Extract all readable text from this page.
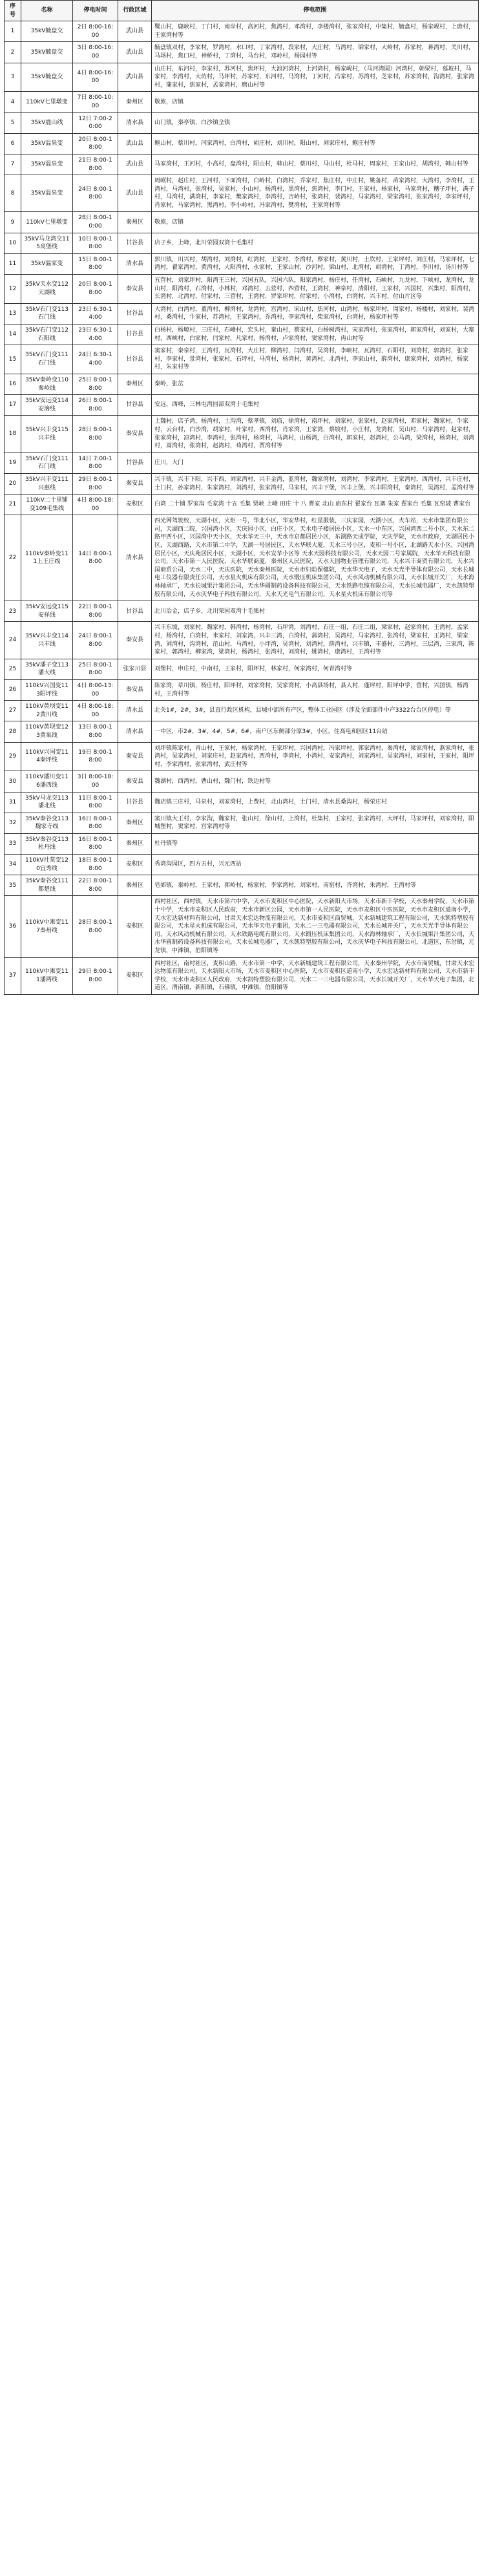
序号	名称	停电时间	行政区域	停电范围
1	35kV毓盘交	2日 8:00-16:00	武山县	鹭山村，鹿峡村，丁门村，南岸村，高河村，焦湾村，邓湾村，李楼湾村，张家湾村，中集村，毓盘村，杨家岘村，上唐村，王家湾村等
2	35kV毓盘交	3日 8:00-16:00	武山县	毓盘镇双村，李家村，罗湾村，水口村，丁家湾村，段家村，大庄村，马湾村，梁家村，大岭村，苏家村，蒋湾村，关川村，马场村，焦口村，神桥村，丁湾村，马台村，邓岭村，杨园村等
3	35kV毓盘交	4日 8:00-16:00	武山县	山庄村，东河村，李家村，苏河村，焦坪村，大浪河湾村，上河湾村，杨家岘村，（马河湾圆）河湾村，韩梁村，墓坡村，马家村，李湾村，大坊村，马坪村，苏家村，东河村，马湾村，丁河村，冯家村，苏湾村，芝家村，苏家湾村，沟湾村，张家湾村，蒲家村，焦家村，孟家湾村，磨山村等
4	110kV七里墩变	7日 8:00-10:00	秦州区	敬旅，店镇
5	35kV鹿山线	12日 7:00-20:00	清水县	山门镇，秦亭镇，白沙镇全镇
6	35kV温泉变	20日 8:00-18:00	武山县	鲍山村，蔡川村，闫家湾村，白湾村，胡庄村，刘川村，阳山村，刘家庄村，鲍庄村等
7	35kV温泉变	21日 8:00-18:00	武山县	马家湾村，王河村，小高村，盘湾村，阳山村，韩山村，蔡川村，马山村，杜马村，周家村，王家山村，胡湾村，韩山村等
8	35kV温泉变	24日 8:00-18:00	武山县	周岷村，赵庄村，王河村，下面湾村，白岭村，白湾村，乔家村，焦庄村，中庄村，姚备村，苗家湾村，大湾村，李湾村，王湾村，马湾村，张湾村，吴家村，小山村，杨湾村，黑湾村，焦湾村，李门村，王家村，杨家村，马家湾村，糟子坪村，满子村，马湾村，满湾村，李家村，樊家湾村，李湾村，吉岭村，张湾村，裴湾村，马家湾村，梁家湾村，张家湾村，李家坪村，肖家村，马家湾村，黑湾村，李小岭村，冯家湾村，樊湾村，王家湾村等
9	110kV七里墩变	28日 8:00-10:00	秦州区	敬旅，店镇
10	35kV马龙湾交115高堡线	10日 8:00-18:00	甘谷县	店子乡，上峰，北川荣园双湾十毛集村
11	35kV温家变	15日 8:00-18:00	清水县	郭川镇，川兴村，胡湾村，刘湾村，红湾村，王家村，李湾村，蔡家村，黄川村，土坎村，王家坪村，刘庄村，马家坪村，七湾村，翟家湾村，黄湾村，大阳湾村，永家村，王家山村，沙河村，梁山村，北湾村，胡湾村，丁湾村，李川村，汤川村等
12	35kV天水变112天湖线	20日 8:00-18:00	秦安县	五营村，刘家坪村，阳湾王三村，兴国五队，兴国六队，阳家湾村，杨庄村，任湾村，石峡村，九龙村，下峡村，龙湾村，龙山村，阳湾村，石湾村，小林村，邓湾村，五营村，四营村，王湾村，神泉村，清阳村，王家村，兴国村，兴集村，阳湾村，长湾村，北湾村，付家村，三营村，王湾村，罗家坪村，付家村，小湾村，白湾村，兴丰村，付山片区等
13	35kV石门变113石门线	23日 6:30-14:00	甘谷县	大湾村，白湾村，董湾村，柳湾村，龙湾村，宫湾村，宋山村，焦河村，山湾村，杨家坪村，周家村，杨楼村，刘家村，裴湾村，桑湾村，牛家村，苏湾村，王家湾村，乔湾村，李家湾村，柴家湾村，白湾村，杨家坪村等
14	35kV石门变112石阳线	23日 6:30-14:00	甘谷县	白杨村，杨塬村，三庄村，石峰村，宏头村，秦山村，蔡家村，白杨树湾村，宋家湾村，张家湾村，郭家湾村，刘家村，大寨村，西峡村，白家村，闫家村，凡家村，杨湾村，卢家湾村，窦家湾村，冉山村等
15	35kV石门变111石门线	24日 6:30-14:00	甘谷县	窦家村，秦泉村，王湾村，瓦湾村，大庄村，柳湾村，闫湾村，吴湾村，李峡村，瓦湾村，石阳村，刘湾村，郭湾村，张家村，李家村，景湾村，张家村，石坪村，马湾村，杨湾村，黄湾村，北湾村，李家山村，薛湾村，康家湾村，刘湾村，杨家村，朱家村等
16	35kV秦岭变110秦岭线	25日 8:00-18:00	秦州区	秦岭，张岔
17	35kV安远变114安滴线	26日 8:00-18:00	甘谷县	安远，西峰，三林屯湾园部双湾十毛集村
18	35kV兴丰变115兴丰线	28日 8:00-18:00	秦安县	上魏村，店子湾，杨湾村，土沟湾，蔡孝镇，刘庙，徐湾村，南坪村，刘家村，张家村，赵家湾村，邓家村，魏家村，牛家村，云台村，白沙湾，胡家村，叶家村，西湾村，肖家湾，王家湾，蔡坡村，小庄村，龙湾村，吴山村，马家湾村，赵家村，张家湾村，凉湾村，李湾村，张湾村，杨湾村，马湾村，山杨湾，白湾村，郭家村，赵湾村，公马湾，梁湾村，杨湾村，刘湾村，嵩湾村，张湾村，赵湾村，苟湾村，贾湾村等
19	35kV石门变111石门线	14日 7:00-18:00	甘谷县	庄川，大门
20	35kV兴丰变111兴惠线	29日 8:00-18:00	秦安县	兴丰镇，兴丰下阳，兴丰西，刘家湾村，兴丰金湾，蓝湾村，魏家湾村，刘湾村，李家湾村，王家湾村，西湾村，兴丰庄村，土门村，孙家湾村，朱家湾村，刘湾村，张家湾村，马家村，兴丰下堡，兴丰上堡，兴丰阳湾村，秦湾村，吴湾村，孟湾村等
21	110kV二十里铺变109毛集线	4日 8:00-18:00	麦积区	白湾 二十铺 罗家沟 毛家湾 十五 毛集 贾峡 上峰 田庄 十 八 曹家 北山 庙东村 翟家台 瓦寨 朱家 翟家台 毛集 瓦窑坡 曹家台
22	110kV秦岭变111上王庄线	14日 8:00-18:00	清水县	西光网驾驶校，天湖小区，火炬一号，华北小区，华安华村，红星服装，三庆家园，天湖小区，火车站，天水市集团有限公司，天湖西二院，兴国湾小区，天庆园小区，白庄小区，天水电子楼居民小区，天水一中东区，兴国湾西二号小区，天水东二路甲西小区，兴国湾中天小区，天水华天三中，天水市京都居民小区，东湖路天成学院，天庆学院，天水市政府，天湖居民小区，天湖西路，天水市第二中学，天湖一号居民区，天水华联大厦，天水三号小区，麦积一号小区，北湖路天水小区，兴国湾居民小区，天庆苑居民小区，天湖小区，天水安华小区等 天水天园科技有限公司，天水天园二号家属院，天水华天科技有限公司，天水市第一人民医院，天水华联商厦，秦州区人民医院，天水天园物业管理有限公司，天水兴丰商贸有限公司，天水兴国商贸公司，天水二中，天庆医院，天水秦州医院，天水市妇幼保健院，天水华天电子，天水天光半导体有限公司，天水长城电工仪器有限责任公司，天水星火机床有限公司，天水锻压机床集团公司，天水风动机械有限公司，天水长城开关厂，天水海林轴承厂，天水长城果汁集团公司，天水华圆制药设备科技有限公司，天水铁路电缆有限公司，天水长城电器厂，天水凯特塑胶有限公司，天水庆华电子科技有限公司，天水天光电气有限公司，天水星火机床有限公司等
23	35kV安远变115安祥线	22日 8:00-18:00	甘谷县	北川冶金，店子乡，北川荣园双湾十毛集村
24	35kV兴丰变114兴丰线	24日 8:00-18:00	秦安县	兴丰东坡，刘家村，魏家村，韩湾村，杨湾村，石坪湾，刘湾村，石庄一组，石庄二组，梁家村，赵家湾村，王湾村，孟家村，杨湾村，白湾村，米家村，刘家湾，兴丰三湾，白湾村，蒲湾村，吴湾村，马家湾村，张湾村，梁家村，王湾村，梁家湾，刘湾村，沟湾村，范山村，马湾村，小坪湾，吴湾村，刘湾村，薛湾村，兴丰镇，丰盛村，三湾村，三层湾，三家湾，陈家村，郭湾村，柳家湾，梁湾村，杨湾村，张湾村，刘湾村，姚湾村，康湾村，王湾村等
25	35kV潘子变113潘大线	25日 8:00-18:00	张家川县	刘堡村，申庄村，中南村，王家村，阳坪村，林家村，何家湾村，何青湾村等
26	110kV兴国变113阳坪线	4日 8:00-13:00	秦安县	陈家湾，草川镇，杨庄村，阳坪村，刘家湾村，吴家湾村，小高县场村，县人村，蓬坪村，阳坪中学，营村，兴国镇，杨湾村，王湾村等
27	110kV黄坝变112黄川线	4日 8:00-18:00	清水县	北关1#，2#，3#，县直行政区机构，县城中部所有产区，整体工业园区（涉及全面部件中产3322台台区停电）等
28	110kV黄坝变123黄巢线	13日 8:00-18:00	清水县	一中区，市2#，3#，4#，5#，6#，南户区东侧部分原3#，小区，住高电和园区11台站
29	110kV兴国变114秦坪线	19日 8:00-18:00	秦安县	刘坪镇陈家村，青山村，王家村，杨家湾村，王家坪村，兴国湾村，冯家坪村，郭家湾村，秦湾村，梁家湾村，燕家湾村，张湾村，吴家湾村，刘家庄村，赵家湾村，西湾村，李湾村，小湾村，安家湾村，刘家湾村，吴家湾村，刘家村，王家村，阳坪村，李家湾村，张家湾村，武庄村等
30	110kV潘川变116潘西线	3日 8:00-18:00	秦安县	魏湖村，西湾村，曹山村，魏门村，铁边村等
31	35kV马龙交113潘北线	11日 8:00-18:00	甘谷县	魏店镇三庄村，马泉村，刘家湾村，上费村，北山湾村，土门村，清水县桑沟村，杨荣庄村
32	35kV秦谷变113魏家寺线	16日 8:00-18:00	秦州区	窦川镇大王村，李家沟，魏家村，张山村，徐山村，上湾村，杜集村，王家村，张家湾村，大坪村，马家坪村，刘家湾村，阳城堡村，窦家村，宫家湾村等
33	35kV秦谷变113杜丹线	16日 8:00-18:00	秦州区	杜丹镇等
34	110kV社棠变120宜秀线	18日 8:00-18:00	麦积区	秀湾沟园区，四方五村，兴元西站
35	35kV秦谷变111都楚线	22日 8:00-18:00	秦州区	皂郊镇，秦岭村，王家村，郭岭村，杨家村，李家湾村，刘家村，南窑村，齐湾村，朱湾村，王湾村等
36	110kV中滩变117秦州线	28日 8:00-18:00	麦积区	西村社区，西村镇，天水市第六中学，天水市麦积区中心医院，天水新阳大市场，天水市新丰学校，天水秦州学院，天水市第十中学，天水市麦积区人民政府，天水市新区公园，天水市第一人民医院，天水市麦积区中医医院，天水市麦积区道南小学，天水宏达新材料有限公司，甘肃天水宏达物流有限公司，天水市麦积区商贸城，天水新城建筑工程有限公司，天水凯特塑胶有限公司，天水星火机床有限公司，天水华天电子集团，天水二一三电器有限公司，天水长城开关厂，天水天光半导体有限公司，天水风动机械有限公司，天水铁路电缆有限公司，天水锻压机床集团公司，天水海林轴承厂，天水长城果汁集团公司，天水华圆制药设备科技有限公司，天水长城电器厂，天水凯特塑胶有限公司，天水庆华电子科技有限公司，北道区，东岔镇，元龙镇，中滩镇，伯阳镇等
37	110kV中滩变111潘两线	29日 8:00-18:00	麦积区	西村社区，南村社区，麦积山路，天水市第一中学，天水新城建筑工程有限公司，天水秦州学院，天水市商贸城，甘肃天水宏达物流有限公司，天水新阳大市场，天水市麦积区中心医院，天水市麦积区道南小学，天水宏达新材料有限公司，天水市新丰学校，天水市麦积区人民政府，天水凯特塑胶有限公司，天水二一三电器有限公司，天水长城开关厂，天水华天电子集团，北道区，渭南镇，新阳镇，石佛镇，中滩镇，伯阳镇等
